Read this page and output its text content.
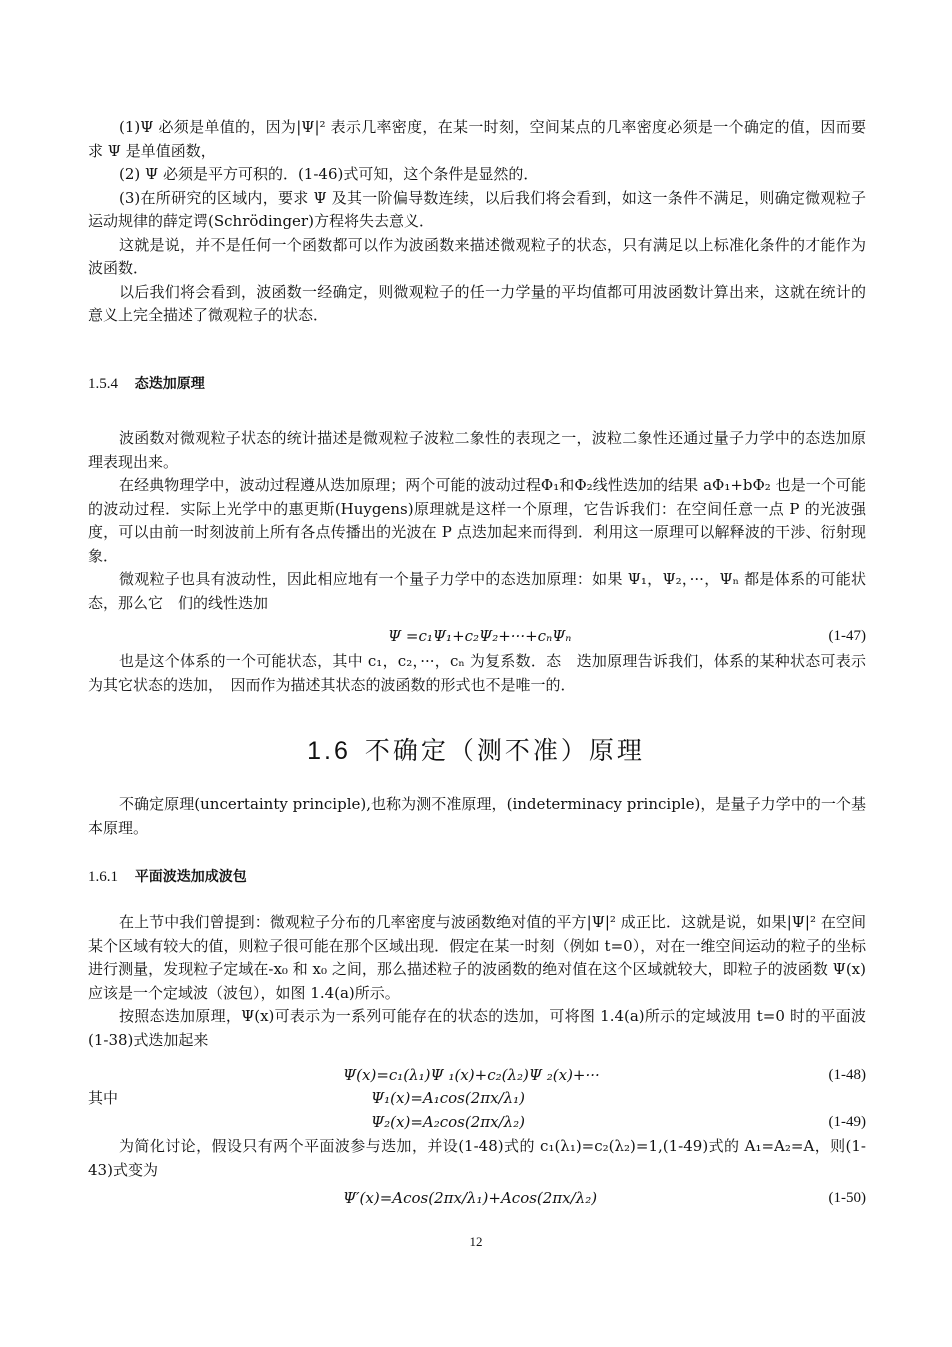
(1)Ψ 必须是单值的，因为|Ψ|² 表示几率密度，在某一时刻，空间某点的几率密度必须是一个确定的值，因而要求 Ψ 是单值函数，

(2) Ψ 必须是平方可积的．(1-46)式可知，这个条件是显然的．

(3)在所研究的区域内，要求 Ψ 及其一阶偏导数连续，以后我们将会看到，如这一条件不满足，则确定微观粒子运动规律的薛定谔(Schrödinger)方程将失去意义．

这就是说，并不是任何一个函数都可以作为波函数来描述微观粒子的状态，只有满足以上标准化条件的才能作为波函数．

以后我们将会看到，波函数一经确定，则微观粒子的任一力学量的平均值都可用波函数计算出来，这就在统计的意义上完全描述了微观粒子的状态．

1.5.4 态迭加原理

波函数对微观粒子状态的统计描述是微观粒子波粒二象性的表现之一，波粒二象性还通过量子力学中的态迭加原理表现出来。

在经典物理学中，波动过程遵从迭加原理；两个可能的波动过程Φ₁和Φ₂线性迭加的结果 aΦ₁+bΦ₂ 也是一个可能的波动过程．实际上光学中的惠更斯(Huygens)原理就是这样一个原理，它告诉我们：在空间任意一点 P 的光波强度，可以由前一时刻波前上所有各点传播出的光波在 P 点迭加起来而得到．利用这一原理可以解释波的干涉、衍射现象．

微观粒子也具有波动性，因此相应地有一个量子力学中的态迭加原理：如果 Ψ₁，Ψ₂，···，Ψₙ 都是体系的可能状态，那么它　们的线性迭加

Ψ =c₁Ψ₁+c₂Ψ₂+···+cₙΨₙ	(1-47)

也是这个体系的一个可能状态，其中 c₁，c₂，···，cₙ 为复系数．态　迭加原理告诉我们，体系的某种状态可表示为其它状态的迭加，　因而作为描述其状态的波函数的形式也不是唯一的．

1.6 不确定（测不准）原理

不确定原理(uncertainty principle),也称为测不准原理，(indeterminacy principle)，是量子力学中的一个基本原理。

1.6.1 平面波迭加成波包

在上节中我们曾提到：微观粒子分布的几率密度与波函数绝对值的平方|Ψ|² 成正比．这就是说，如果|Ψ|² 在空间某个区域有较大的值，则粒子很可能在那个区域出现．假定在某一时刻（例如 t=0），对在一维空间运动的粒子的坐标进行测量，发现粒子定域在-x₀ 和 x₀ 之间，那么描述粒子的波函数的绝对值在这个区域就较大，即粒子的波函数 Ψ(x)应该是一个定域波（波包），如图 1.4(a)所示。

按照态迭加原理，Ψ(x)可表示为一系列可能存在的状态的迭加，可将图 1.4(a)所示的定域波用 t=0 时的平面波(1-38)式迭加起来

Ψ(x)=c₁(λ₁)Ψ ₁(x)+c₂(λ₂)Ψ ₂(x)+···	(1-48)
其中	Ψ₁(x)=A₁cos(2πx/λ₁)
Ψ₂(x)=A₂cos(2πx/λ₂)	(1-49)

为简化讨论，假设只有两个平面波参与迭加，并设(1-48)式的 c₁(λ₁)=c₂(λ₂)=1,(1-49)式的 A₁=A₂=A，则(1-43)式变为

Ψ′(x)=Acos(2πx/λ₁)+Acos(2πx/λ₂)	(1-50)
12
